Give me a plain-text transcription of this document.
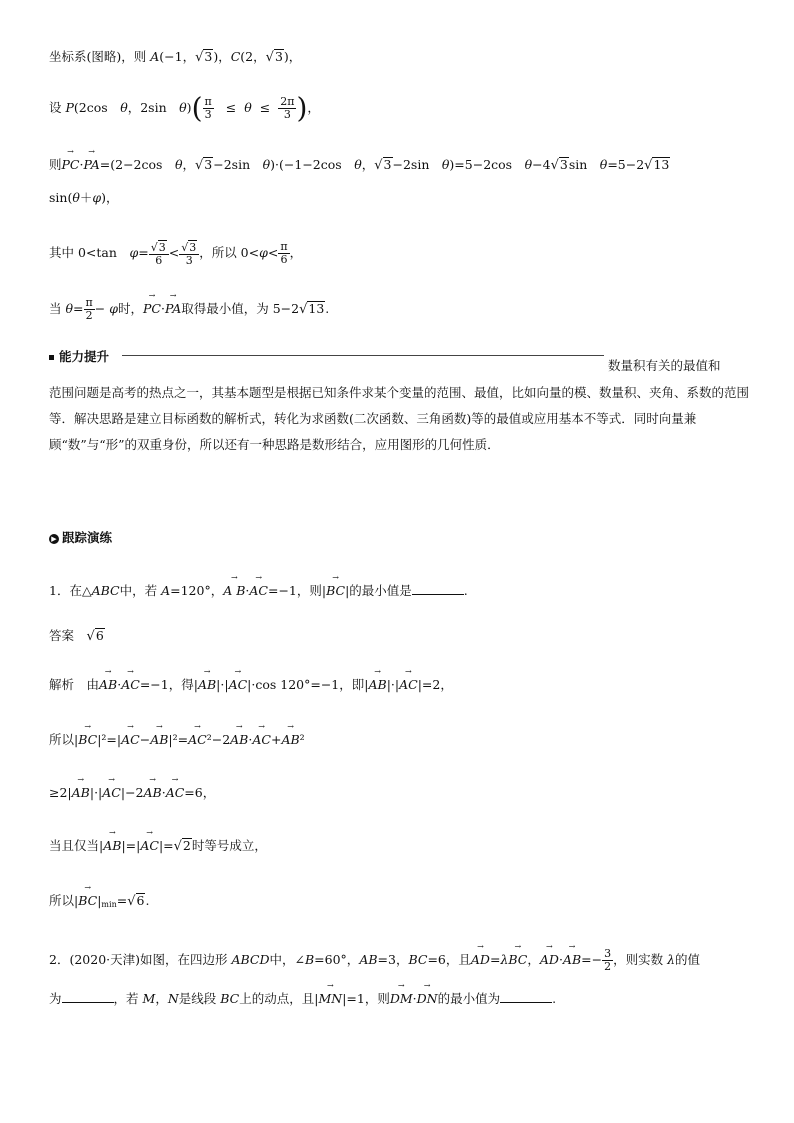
坐标系(图略)，则 A(−1，√3)，C(2，√3)，
设 P(2cos　θ，2sin　$\theta)( \frac{\pi}{3} \le \theta \le \frac{2\pi}{3}$ )，
则→ PC·→ PA=(2−2cos　θ，√3−2sin　θ)·(−1−2cos　θ，√3−2sin　θ)=5−2cos　θ−4√3sin　θ=5−2√13
sin(θ＋φ)，
其中 0<tan　$\varphi= \frac{√3}{6} < \frac{√3}{3}$ ，所以 $0<\varphi< \frac{\pi}{6}$ ，
当 $\theta= \frac{\pi}{2} - \varphi$时，→ PC·→ PA取得最小值，为 5−2√13.
能力提升
数量积有关的最值和
范围问题是高考的热点之一，其基本题型是根据已知条件求某个变量的范围、最值，比如向量的模、数量积、夹角、系数的范围等．解决思路是建立目标函数的解析式，转化为求函数(二次函数、三角函数)等的最值或应用基本不等式．同时向量兼顾“数”与“形”的双重身份，所以还有一种思路是数形结合，应用图形的几何性质．
▶ 跟踪演练
1．在△ABC中，若 A=120°，→ A B·→ AC=−1，则|→ BC|的最小值是	.
答案　√6
解析　由→ AB·→ AC=−1，得|→ AB|·|→ AC|·cos 120°=−1，即|→ AB|·|→ AC|=2，
所以|→ BC|²=|→ AC−→ AB|²=→ AC²−2→ AB·→ AC+→ AB²
≥2|→ AB|·|→ AC|−2→ AB·→ AC=6，
当且仅当|→ AB|=|→ AC|=√2时等号成立，
所以|→ $BC|_{min}=√6$.
2．(2020·天津)如图，在四边形 ABCD中，∠B=60°，AB=3，BC=6，且→ AD=λ→ BC，→ $AD\cdot\to AB=- \frac{3}{2}$ ，则实数 λ的值
为	，若 M，N是线段 BC上的动点，且|→ MN|=1，则→ DM·→ DN的最小值为	.
